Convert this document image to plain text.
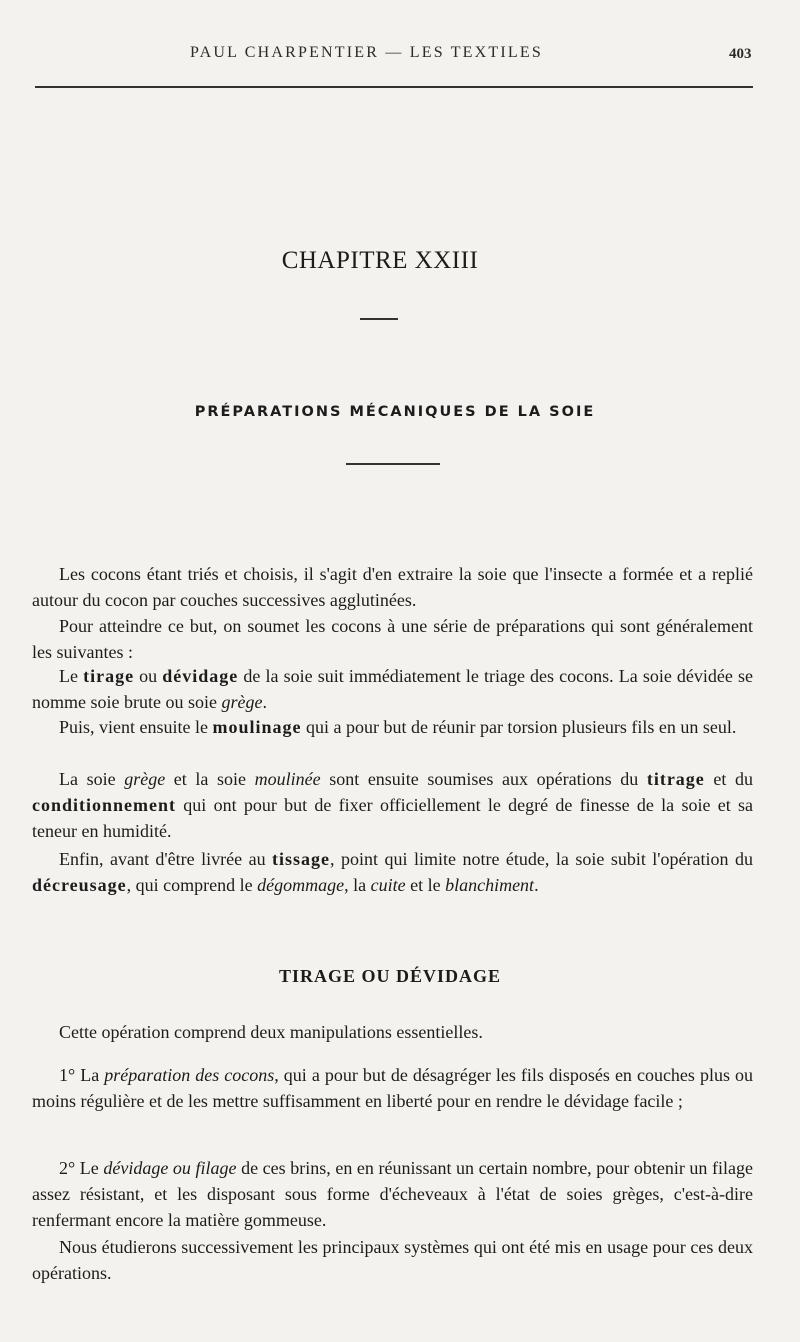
PAUL CHARPENTIER — LES TEXTILES	403
CHAPITRE XXIII
PRÉPARATIONS MÉCANIQUES DE LA SOIE

Les cocons étant triés et choisis, il s'agit d'en extraire la soie que l'insecte a formée et a replié autour du cocon par couches successives agglutinées.

Pour atteindre ce but, on soumet les cocons à une série de préparations qui sont généralement les suivantes :

Le tirage ou dévidage de la soie suit immédiatement le triage des cocons. La soie dévidée se nomme soie brute ou soie grège.

Puis, vient ensuite le moulinage qui a pour but de réunir par torsion plusieurs fils en un seul.

La soie grège et la soie moulinée sont ensuite soumises aux opérations du titrage et du conditionnement qui ont pour but de fixer officiellement le degré de finesse de la soie et sa teneur en humidité.

Enfin, avant d'être livrée au tissage, point qui limite notre étude, la soie subit l'opération du décreusage, qui comprend le dégommage, la cuite et le blanchiment.

TIRAGE OU DÉVIDAGE

Cette opération comprend deux manipulations essentielles.

1° La préparation des cocons, qui a pour but de désagréger les fils disposés en couches plus ou moins régulière et de les mettre suffisamment en liberté pour en rendre le dévidage facile ;

2° Le dévidage ou filage de ces brins, en en réunissant un certain nombre, pour obtenir un filage assez résistant, et les disposant sous forme d'écheveaux à l'état de soies grèges, c'est-à-dire renfermant encore la matière gommeuse.

Nous étudierons successivement les principaux systèmes qui ont été mis en usage pour ces deux opérations.
